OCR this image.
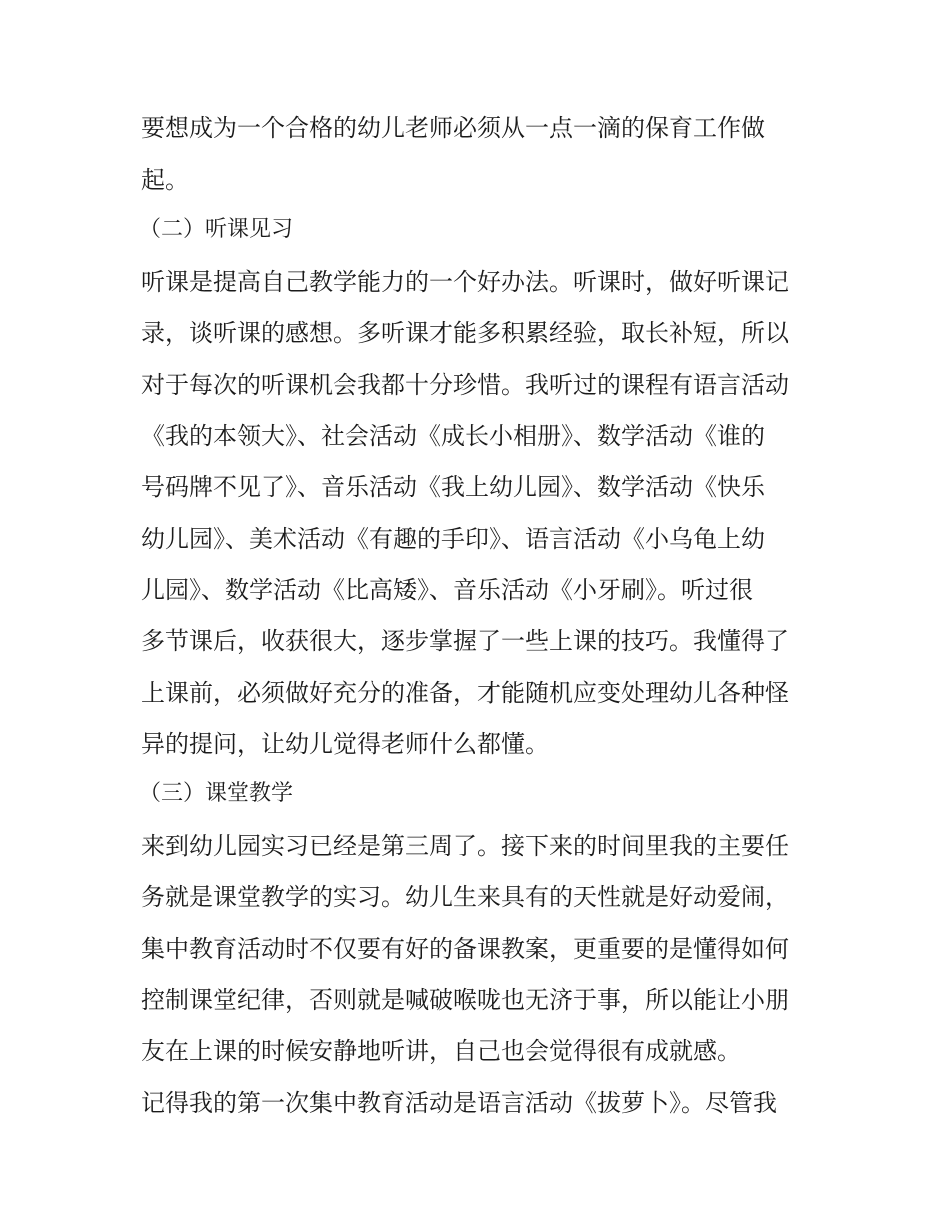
要想成为一个合格的幼儿老师必须从一点一滴的保育工作做
起。
（二）听课见习
听课是提高自己教学能力的一个好办法。听课时，做好听课记
录，谈听课的感想。多听课才能多积累经验，取长补短，所以
对于每次的听课机会我都十分珍惜。我听过的课程有语言活动
《我的本领大》、社会活动《成长小相册》、数学活动《谁的
号码牌不见了》、音乐活动《我上幼儿园》、数学活动《快乐
幼儿园》、美术活动《有趣的手印》、语言活动《小乌龟上幼
儿园》、数学活动《比高矮》、音乐活动《小牙刷》。听过很
多节课后，收获很大，逐步掌握了一些上课的技巧。我懂得了
上课前，必须做好充分的准备，才能随机应变处理幼儿各种怪
异的提问，让幼儿觉得老师什么都懂。
（三）课堂教学
来到幼儿园实习已经是第三周了。接下来的时间里我的主要任
务就是课堂教学的实习。幼儿生来具有的天性就是好动爱闹，
集中教育活动时不仅要有好的备课教案，更重要的是懂得如何
控制课堂纪律，否则就是喊破喉咙也无济于事，所以能让小朋
友在上课的时候安静地听讲，自己也会觉得很有成就感。
记得我的第一次集中教育活动是语言活动《拔萝卜》。尽管我
